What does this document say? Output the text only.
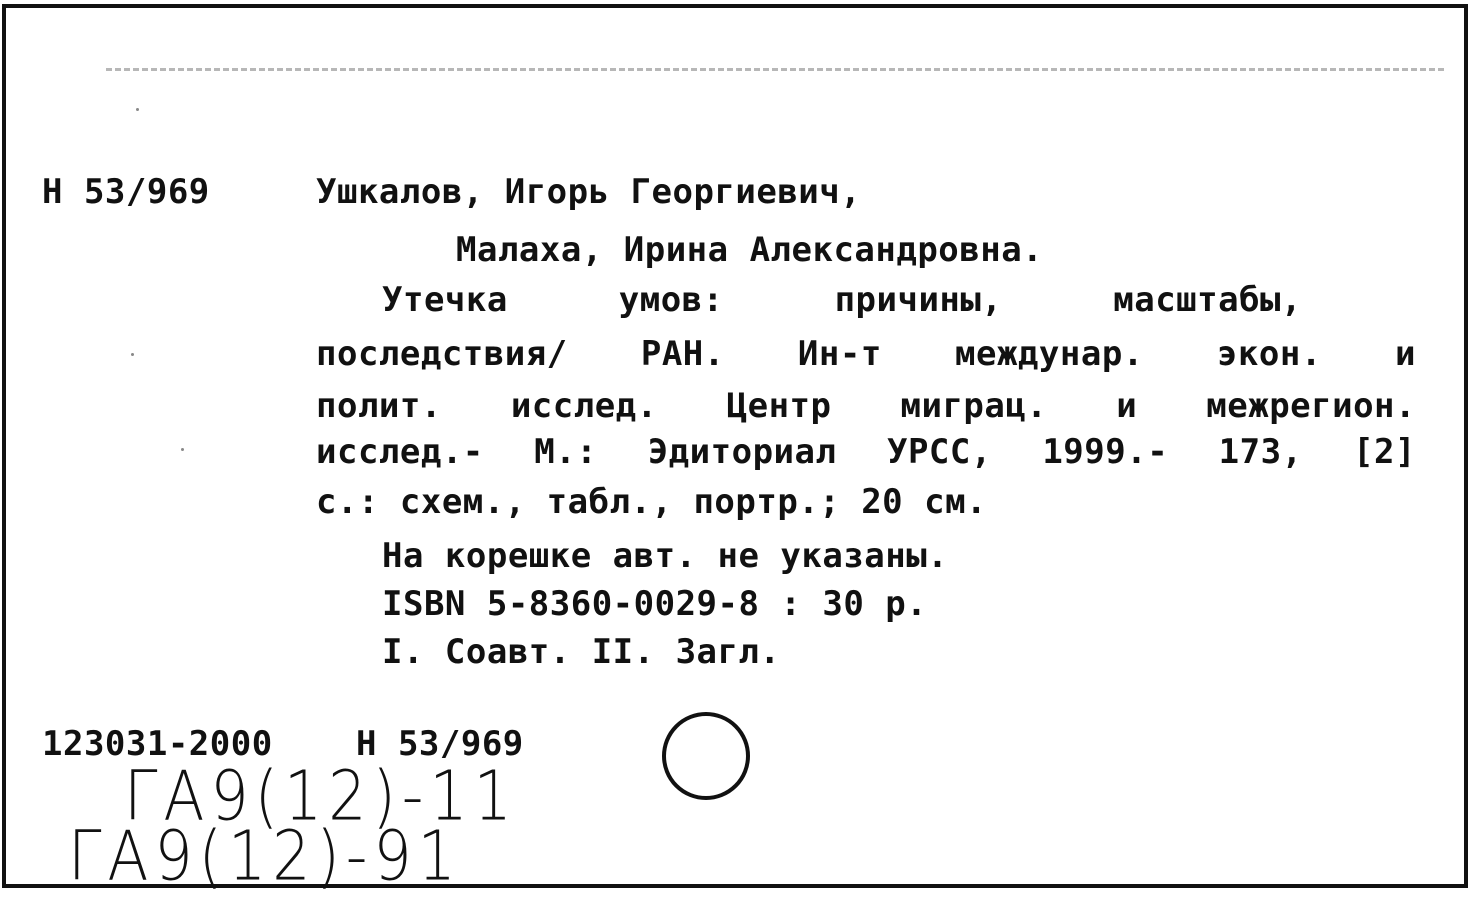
Н 53/969	Ушкалов, Игорь Георгиевич,
Малаха, Ирина Александровна.
Утечка умов: причины, масштабы,
последствия/ РАН. Ин-т междунар. экон. и
полит. исслед. Центр миграц. и межрегион.
исслед.- М.: Эдиториал УРСС, 1999.- 173, [2]
с.: схем., табл., портр.; 20 см.
На корешке авт. не указаны.
ISBN 5-8360-0029-8 : 30 р.
I. Соавт. II. Загл.
123031-2000 Н 53/969
ГА9(12)-11
ГА9(12)-91
